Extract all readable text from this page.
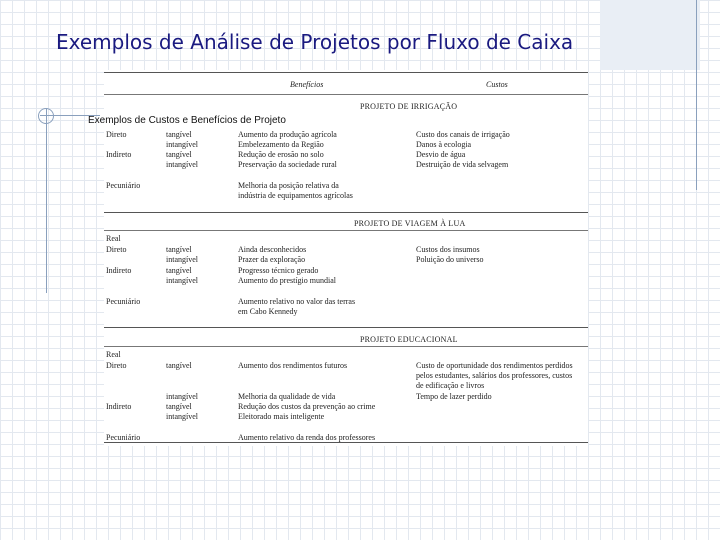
Exemplos de Análise de Projetos por Fluxo de Caixa
Benefícios	Custos
PROJETO DE IRRIGAÇÃO
Direto	tangível	Aumento da produção agrícola	Custo dos canais de irrigação
intangível	Embelezamento da Região	Danos à ecologia
Indireto	tangível	Redução de erosão no solo	Desvio de água
intangível	Preservação da sociedade rural	Destruição de vida selvagem
Pecuniário	Melhoria da posição relativa da
indústria de equipamentos agrícolas
PROJETO DE VIAGEM À LUA
Real
Direto	tangível	Ainda desconhecidos	Custos dos insumos
intangível	Prazer da exploração	Poluição do universo
Indireto	tangível	Progresso técnico gerado
intangível	Aumento do prestígio mundial
Pecuniário	Aumento relativo no valor das terras
em Cabo Kennedy
PROJETO EDUCACIONAL
Real
Direto	tangível	Aumento dos rendimentos futuros	Custo de oportunidade dos rendimentos perdidos
pelos estudantes, salários dos professores, custos
de edificação e livros
intangível	Melhoria da qualidade de vida	Tempo de lazer perdido
Indireto	tangível	Redução dos custos da prevenção ao crime
intangível	Eleitorado mais inteligente
Pecuniário	Aumento relativo da renda dos professores
Exemplos de Custos e Benefícios de Projeto
